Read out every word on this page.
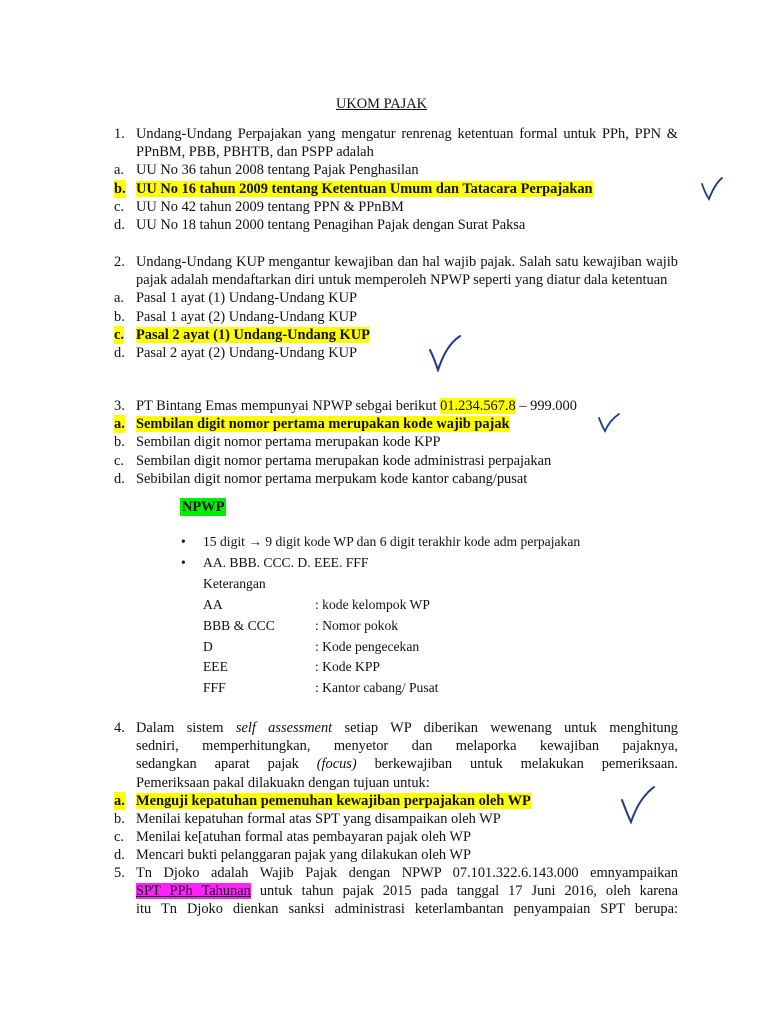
UKOM PAJAK
1. Undang-Undang Perpajakan yang mengatur renrenag ketentuan formal untuk PPh, PPN & PPnBM, PBB, PBHTB, dan PSPP adalah
a. UU No 36 tahun 2008 tentang Pajak Penghasilan
b. UU No 16 tahun 2009 tentang Ketentuan Umum dan Tatacara Perpajakan
c. UU No 42 tahun 2009 tentang PPN & PPnBM
d. UU No 18 tahun 2000 tentang Penagihan Pajak dengan Surat Paksa
2. Undang-Undang KUP mengantur kewajiban dan hal wajib pajak. Salah satu kewajiban wajib pajak adalah mendaftarkan diri untuk memperoleh NPWP seperti yang diatur dala ketentuan
a. Pasal 1 ayat (1) Undang-Undang KUP
b. Pasal 1 ayat (2) Undang-Undang KUP
c. Pasal 2 ayat (1) Undang-Undang KUP
d. Pasal 2 ayat (2) Undang-Undang KUP
3. PT Bintang Emas mempunyai NPWP sebgai berikut 01.234.567.8 – 999.000
a. Sembilan digit nomor pertama merupakan kode wajib pajak
b. Sembilan digit nomor pertama merupakan kode KPP
c. Sembilan digit nomor pertama merupakan kode administrasi perpajakan
d. Sebibilan digit nomor pertama merpukam kode kantor cabang/pusat
NPWP
• 15 digit → 9 digit kode WP dan 6 digit terakhir kode adm perpajakan
• AA. BBB. CCC. D. EEE. FFF
Keterangan
AA	: kode kelompok WP
BBB & CCC	: Nomor pokok
D	: Kode pengecekan
EEE	: Kode KPP
FFF	: Kantor cabang/ Pusat
4. Dalam sistem self assessment setiap WP diberikan wewenang untuk menghitung
sedniri, memperhitungkan, menyetor dan melaporka kewajiban pajaknya,
sedangkan aparat pajak (focus) berkewajiban untuk melakukan pemeriksaan.
Pemeriksaan pakal dilakuakn dengan tujuan untuk:
a. Menguji kepatuhan pemenuhan kewajiban perpajakan oleh WP
b. Menilai kepatuhan formal atas SPT yang disampaikan oleh WP
c. Menilai ke[atuhan formal atas pembayaran pajak oleh WP
d. Mencari bukti pelanggaran pajak yang dilakukan oleh WP
5. Tn Djoko adalah Wajib Pajak dengan NPWP 07.101.322.6.143.000 emnyampaikan
SPT PPh Tahunan untuk tahun pajak 2015 pada tanggal 17 Juni 2016, oleh karena
itu Tn Djoko dienkan sanksi administrasi keterlambantan penyampaian SPT berupa:
